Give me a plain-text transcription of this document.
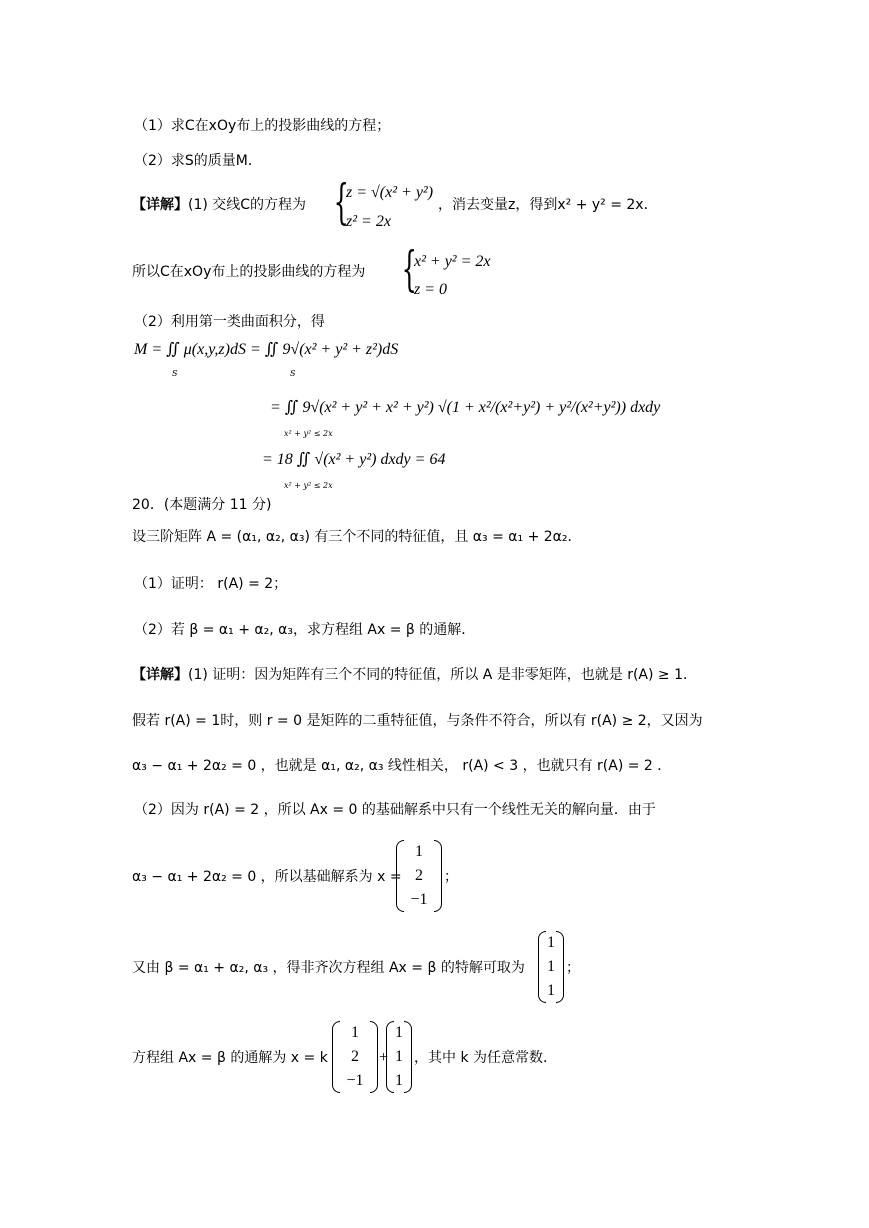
（1）求C在xOy布上的投影曲线的方程；
（2）求S的质量M．
【详解】(1) 交线C的方程为 {
z = √(x² + y²)
z² = 2x
，消去变量z，得到x² + y² = 2x．
所以C在xOy布上的投影曲线的方程为 {
x² + y² = 2x
z = 0
（2）利用第一类曲面积分，得
M = ∬ μ(x,y,z)dS = ∬ 9√(x² + y² + z²)dS
S	S
= ∬ 9√(x² + y² + x² + y²) √(1 + x²/(x²+y²) + y²/(x²+y²)) dxdy
x² + y² ≤ 2x
= 18 ∬ √(x² + y²) dxdy = 64
x² + y² ≤ 2x
20．(本题满分 11 分)
设三阶矩阵 A = (α₁, α₂, α₃) 有三个不同的特征值，且 α₃ = α₁ + 2α₂．
（1）证明： r(A) = 2；
（2）若 β = α₁ + α₂, α₃，求方程组 Ax = β 的通解．
【详解】(1) 证明：因为矩阵有三个不同的特征值，所以 A 是非零矩阵，也就是 r(A) ≥ 1．
假若 r(A) = 1时，则 r = 0 是矩阵的二重特征值，与条件不符合，所以有 r(A) ≥ 2，又因为
α₃ − α₁ + 2α₂ = 0 ，也就是 α₁, α₂, α₃ 线性相关， r(A) < 3 ，也就只有 r(A) = 2 ．
（2）因为 r(A) = 2 ，所以 Ax = 0 的基础解系中只有一个线性无关的解向量．由于
α₃ − α₁ + 2α₂ = 0 ，所以基础解系为 x =
1
2
−1
；
又由 β = α₁ + α₂, α₃ ，得非齐次方程组 Ax = β 的特解可取为
1
1
1
；
方程组 Ax = β 的通解为 x = k
1
2
−1
+
1
1
1
，其中 k 为任意常数．
